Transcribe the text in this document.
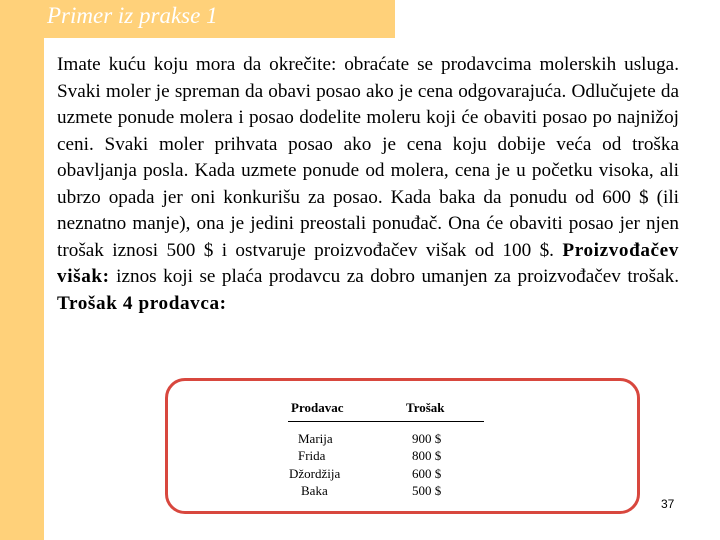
Primer iz prakse 1

Imate kuću koju mora da okrečite: obraćate se prodavcima molerskih usluga. Svaki moler je spreman da obavi posao ako je cena odgovarajuća. Odlučujete da uzmete ponude molera i posao dodelite moleru koji će obaviti posao po najnižoj ceni. Svaki moler prihvata posao ako je cena koju dobije veća od troška obavljanja posla. Kada uzmete ponude od molera, cena je u početku visoka, ali ubrzo opada jer oni konkurišu za posao. Kada baka da ponudu od 600 $ (ili neznatno manje), ona je jedini preostali ponuđač. Ona će obaviti posao jer njen trošak iznosi 500 $ i ostvaruje proizvođačev višak od 100 $. Proizvođačev višak: iznos koji se plaća prodavcu za dobro umanjen za proizvođačev trošak. Trošak 4 prodavca:

Prodavac	Trošak
Marija	900 $
Frida	800 $
Džordžija	600 $
Baka	500 $
37
